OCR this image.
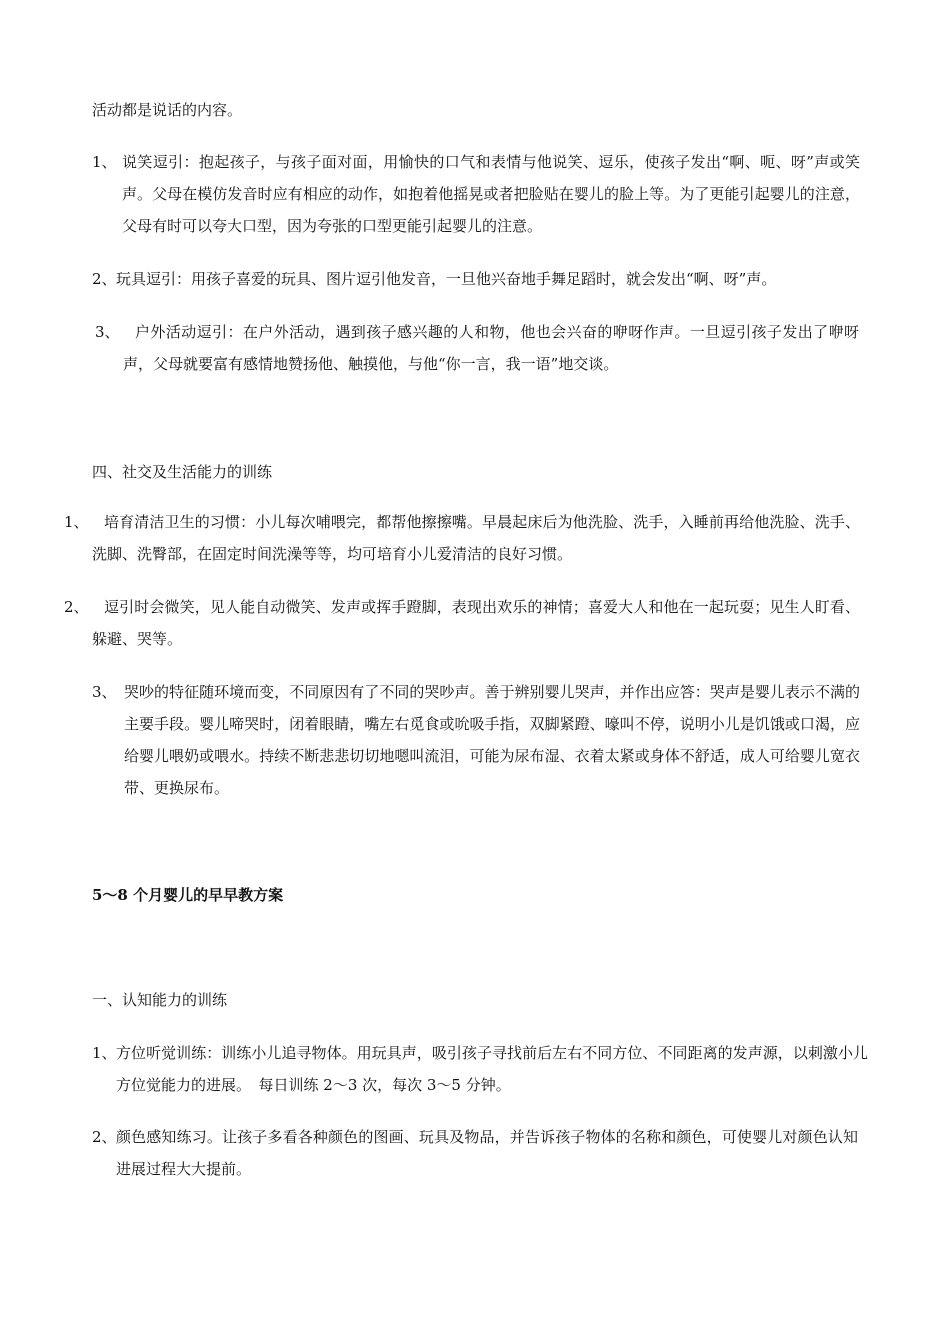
活动都是说话的内容。

1、 说笑逗引：抱起孩子，与孩子面对面，用愉快的口气和表情与他说笑、逗乐，使孩子发出“啊、呃、呀”声或笑声。父母在模仿发音时应有相应的动作，如抱着他摇晃或者把脸贴在婴儿的脸上等。为了更能引起婴儿的注意，父母有时可以夸大口型，因为夸张的口型更能引起婴儿的注意。

2、 玩具逗引：用孩子喜爱的玩具、图片逗引他发音，一旦他兴奋地手舞足蹈时，就会发出“啊、呀”声。

3、	户外活动逗引：在户外活动，遇到孩子感兴趣的人和物，他也会兴奋的咿呀作声。一旦逗引孩子发出了咿呀声，父母就要富有感情地赞扬他、触摸他，与他“你一言，我一语”地交谈。

四、社交及生活能力的训练

1、	培育清洁卫生的习惯：小儿每次哺喂完，都帮他擦擦嘴。早晨起床后为他洗脸、洗手，入睡前再给他洗脸、洗手、洗脚、洗臀部，在固定时间洗澡等等，均可培育小儿爱清洁的良好习惯。

2、	逗引时会微笑，见人能自动微笑、发声或挥手蹬脚，表现出欢乐的神情；喜爱大人和他在一起玩耍；见生人盯看、躲避、哭等。

3、 哭吵的特征随环境而变，不同原因有了不同的哭吵声。善于辨别婴儿哭声，并作出应答：哭声是婴儿表示不满的主要手段。婴儿啼哭时，闭着眼睛，嘴左右觅食或吮吸手指，双脚紧蹬、嚎叫不停，说明小儿是饥饿或口渴，应给婴儿喂奶或喂水。持续不断悲悲切切地嗯叫流泪，可能为尿布湿、衣着太紧或身体不舒适，成人可给婴儿宽衣带、更换尿布。

5～8 个月婴儿的早早教方案

一、认知能力的训练

1、 方位听觉训练：训练小儿追寻物体。用玩具声，吸引孩子寻找前后左右不同方位、不同距离的发声源，以刺激小儿方位觉能力的进展。　每日训练 2～3 次，每次 3～5 分钟。

2、 颜色感知练习。让孩子多看各种颜色的图画、玩具及物品，并告诉孩子物体的名称和颜色，可使婴儿对颜色认知进展过程大大提前。
